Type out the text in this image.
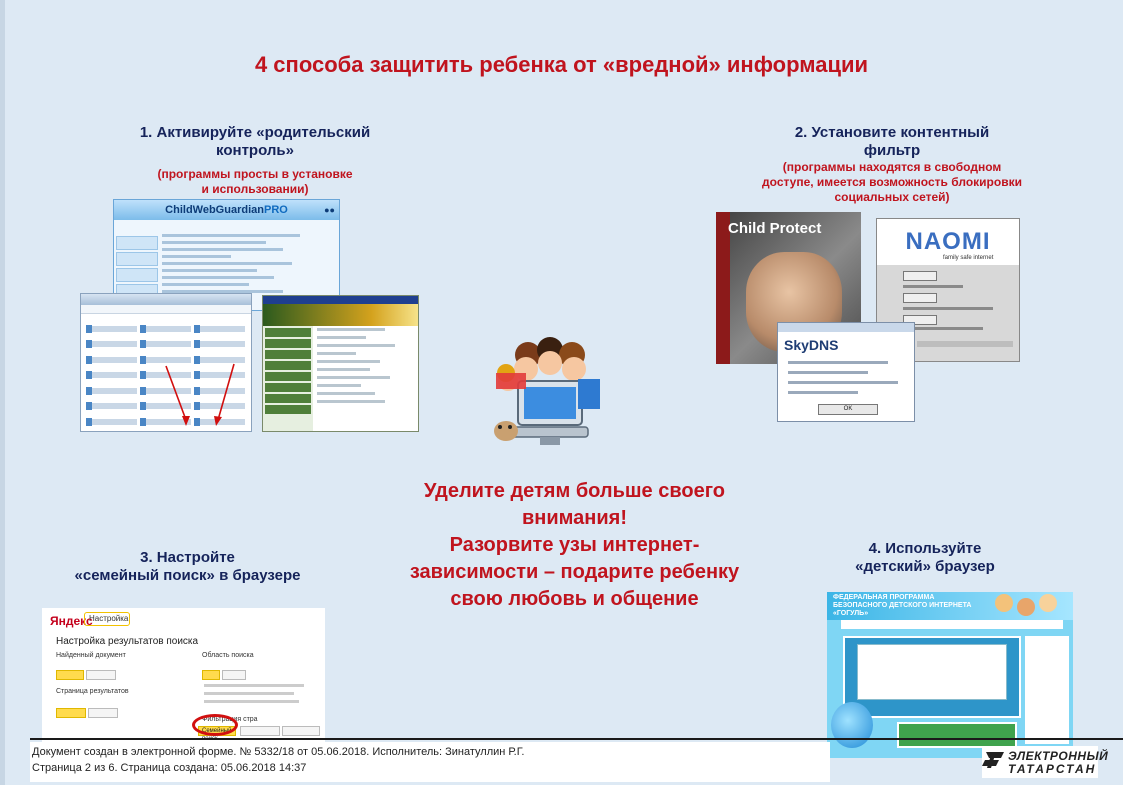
4 способа защитить ребенка от «вредной» информации
1. Активируйте «родительский
контроль»
(программы просты в установке
и использовании)
2. Установите контентный
фильтр
(программы находятся в свободном
доступе, имеется возможность блокировки
социальных сетей)
3. Настройте
«семейный поиск» в браузере
4. Используйте
«детский» браузер
Уделите детям больше своего
внимания!
Разорвите узы интернет-
зависимости – подарите ребенку
свою любовь и общение
ChildWebGuardian PRO	●●
Child Protect	NAOMI
family safe internet
SkyDNS
OK
Яндекс
Настройка
Настройка результатов поиска
Найденный документ
Страница результатов
Область поиска
Фильтрация стра
Семейный
ФЕДЕРАЛЬНАЯ ПРОГРАММА БЕЗОПАСНОГО ДЕТСКОГО ИНТЕРНЕТА «ГОГУЛЬ»
Документ создан в электронной форме. № 5332/18 от 05.06.2018. Исполнитель: Зинатуллин Р.Г.
Страница 2 из 6. Страница создана: 05.06.2018 14:37
ЭЛЕКТРОННЫЙ
ТАТАРСТАН
